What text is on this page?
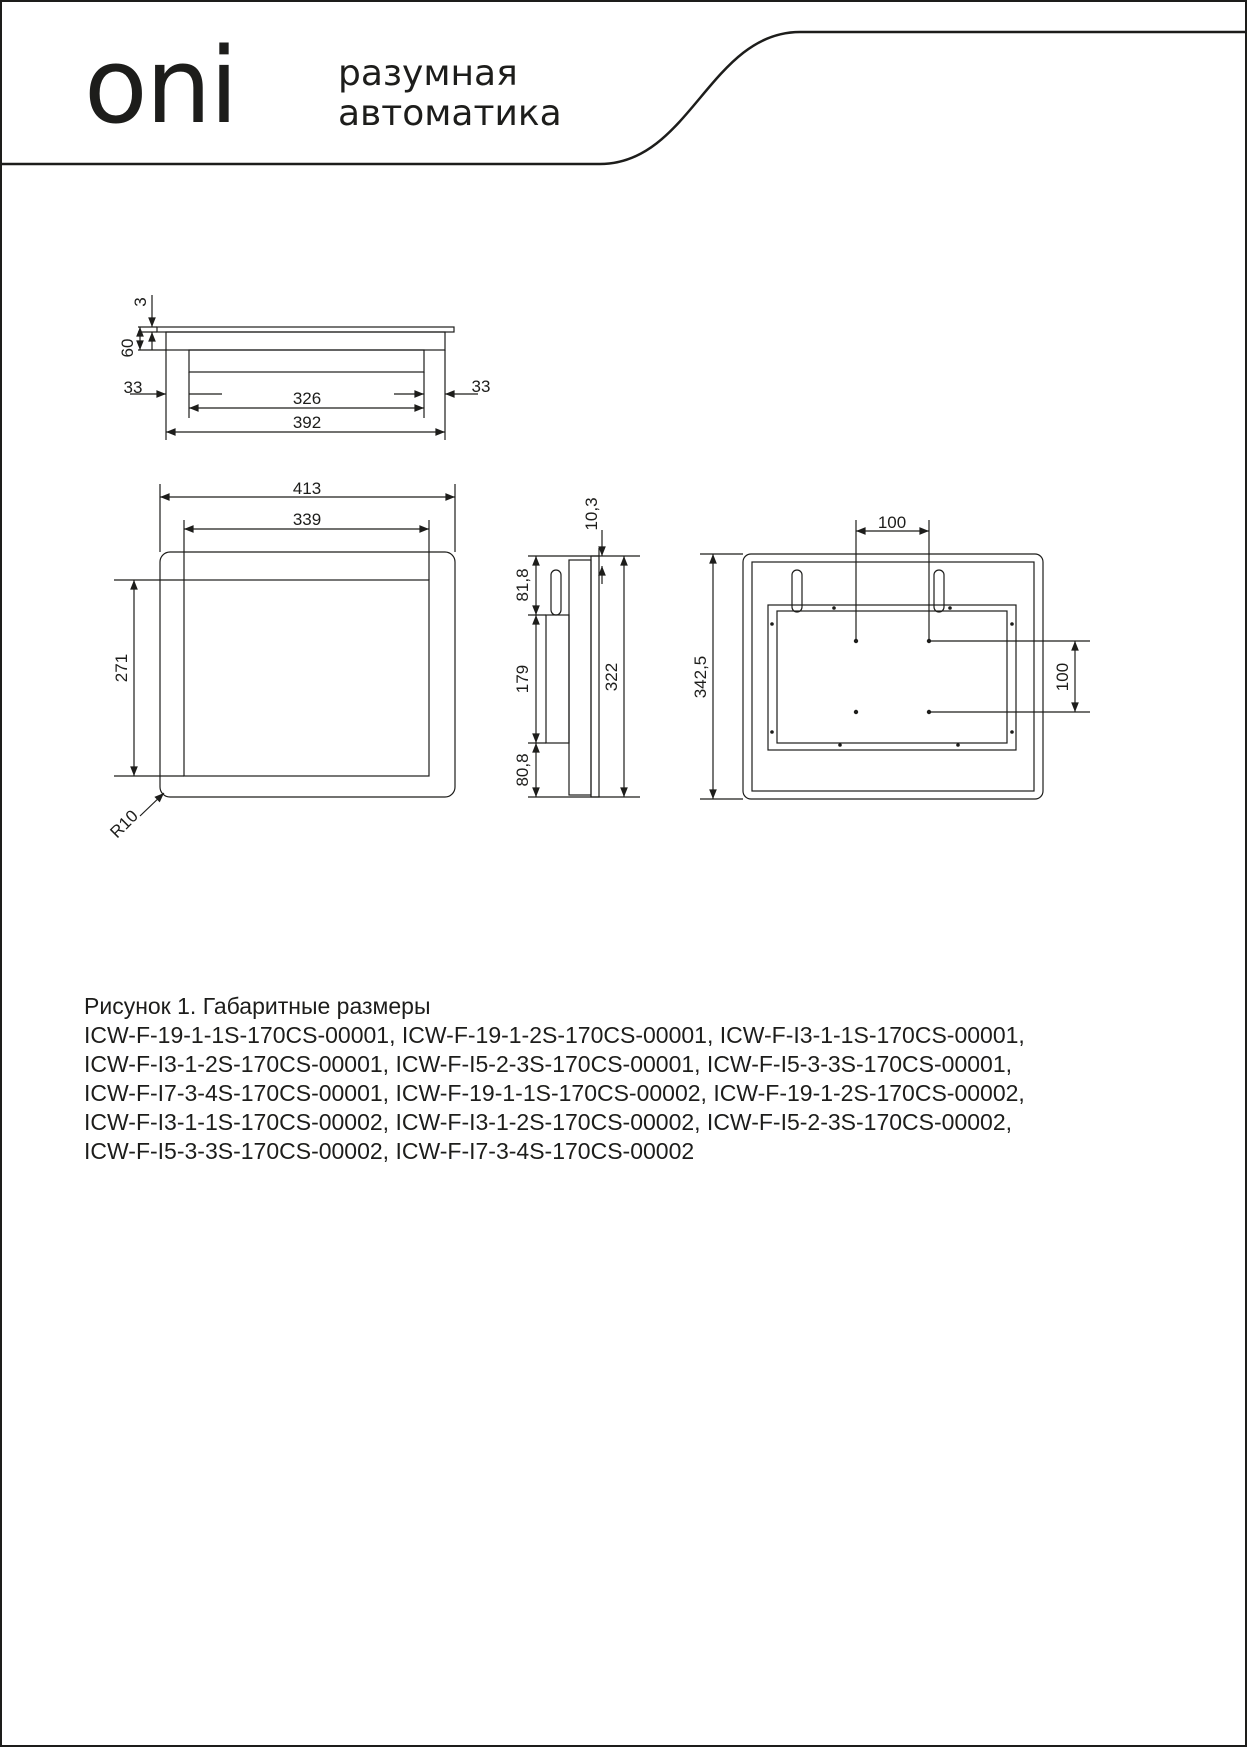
oni	разумная
автоматика
3
60
33	33
326
392
413
339
271
R10
10,3
81,8
179
80,8
322
100
100
342,5
Рисунок 1. Габаритные размеры
ICW-F-19-1-1S-170CS-00001, ICW-F-19-1-2S-170CS-00001, ICW-F-I3-1-1S-170CS-00001,
ICW-F-I3-1-2S-170CS-00001, ICW-F-I5-2-3S-170CS-00001, ICW-F-I5-3-3S-170CS-00001,
ICW-F-I7-3-4S-170CS-00001, ICW-F-19-1-1S-170CS-00002, ICW-F-19-1-2S-170CS-00002,
ICW-F-I3-1-1S-170CS-00002, ICW-F-I3-1-2S-170CS-00002, ICW-F-I5-2-3S-170CS-00002,
ICW-F-I5-3-3S-170CS-00002, ICW-F-I7-3-4S-170CS-00002
